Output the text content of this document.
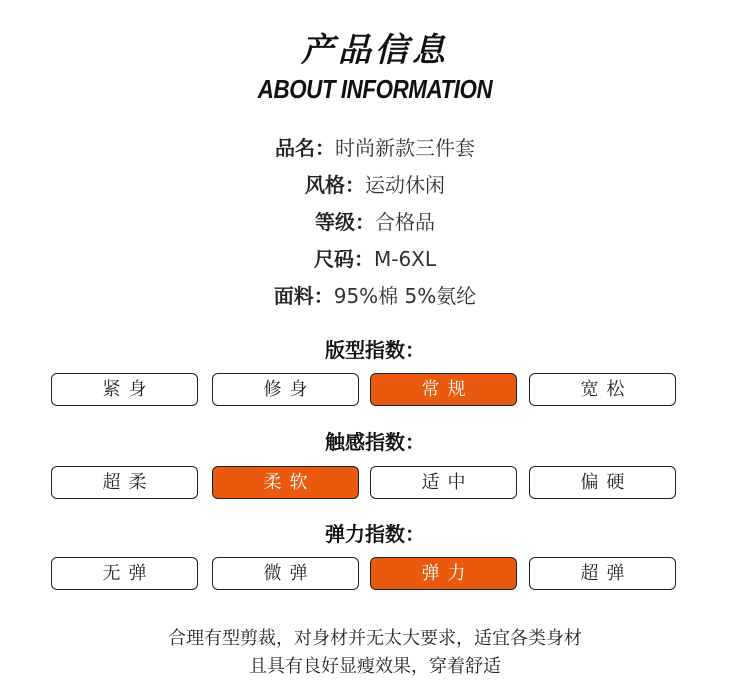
产品信息
ABOUT INFORMATION
品名：时尚新款三件套
风格：运动休闲
等级：合格品
尺码：M-6XL
面料：95%棉 5%氨纶
版型指数：
紧身	修身	常规	宽松
触感指数：
超柔	柔软	适中	偏硬
弹力指数：
无弹	微弹	弹力	超弹
合理有型剪裁，对身材并无太大要求，适宜各类身材
且具有良好显瘦效果，穿着舒适
